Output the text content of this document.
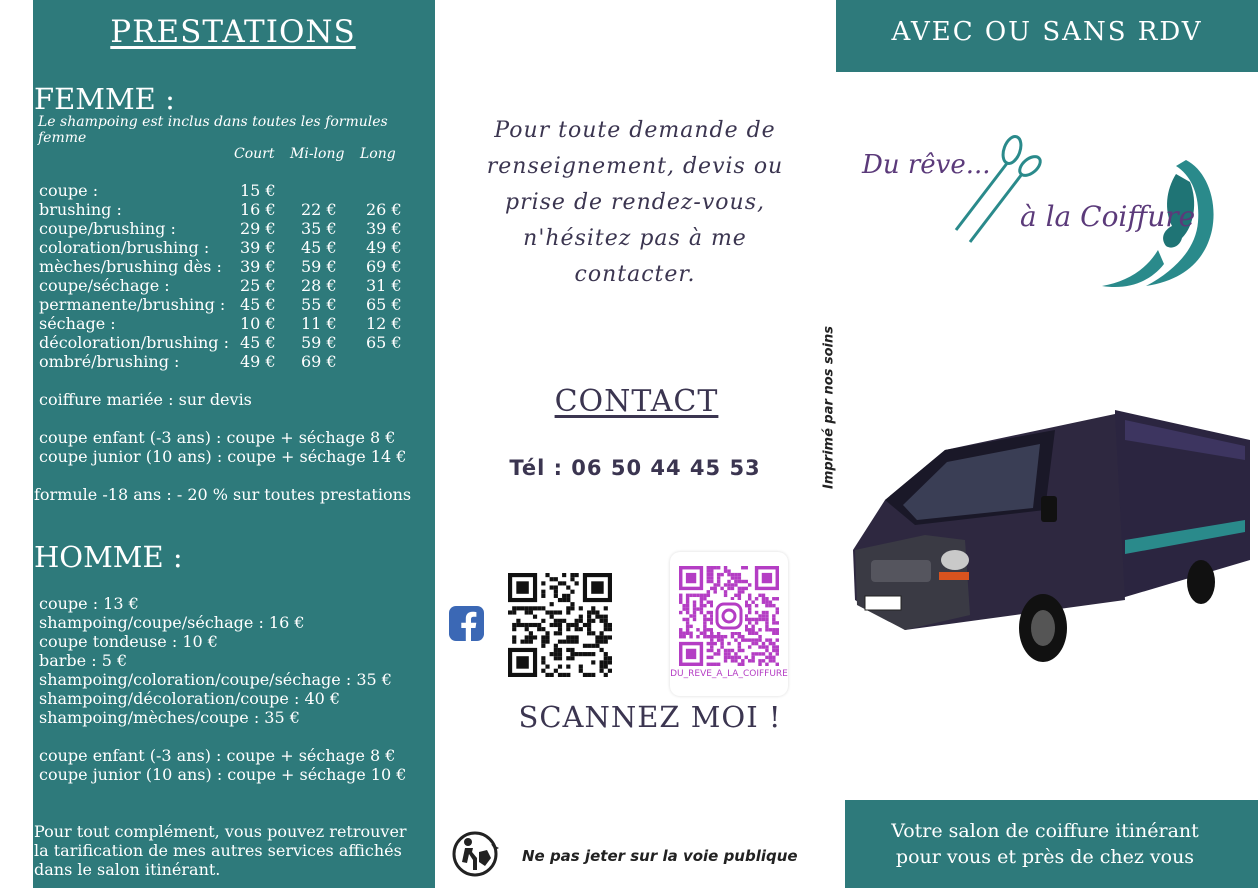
PRESTATIONS
FEMME :
Le shampoing est inclus dans toutes les formules femme
Court Mi-long Long
coupe :	15 €
brushing :	16 € 22 € 26 €
coupe/brushing :	29 € 35 € 39 €
coloration/brushing : 39 € 45 € 49 €
mèches/brushing dès : 39 € 59 € 69 €
coupe/séchage :	25 € 28 € 31 €
permanente/brushing : 45 € 55 € 65 €
séchage :	10 € 11 € 12 €
décoloration/brushing : 45 € 59 € 65 €
ombré/brushing :	49 € 69 €
coiffure mariée : sur devis
coupe enfant (-3 ans) : coupe + séchage 8 €
coupe junior (10 ans) : coupe + séchage 14 €
formule -18 ans : - 20 % sur toutes prestations
HOMME :
coupe : 13 €
shampoing/coupe/séchage : 16 €
coupe tondeuse : 10 €
barbe : 5 €
shampoing/coloration/coupe/séchage : 35 €
shampoing/décoloration/coupe : 40 €
shampoing/mèches/coupe : 35 €
coupe enfant (-3 ans) : coupe + séchage 8 €
coupe junior (10 ans) : coupe + séchage 10 €
Pour tout complément, vous pouvez retrouver
la tarification de mes autres services affichés
dans le salon itinérant.
Pour toute demande de
renseignement, devis ou
prise de rendez-vous,
n'hésitez pas à me
contacter.
CONTACT
Tél : 06 50 44 45 53
DU_REVE_A_LA_COIFFURE
SCANNEZ MOI !
Ne pas jeter sur la voie publique
Imprimé par nos soins
AVEC OU SANS RDV
Du rêve...
à la Coiffure
Votre salon de coiffure itinérant
pour vous et près de chez vous
